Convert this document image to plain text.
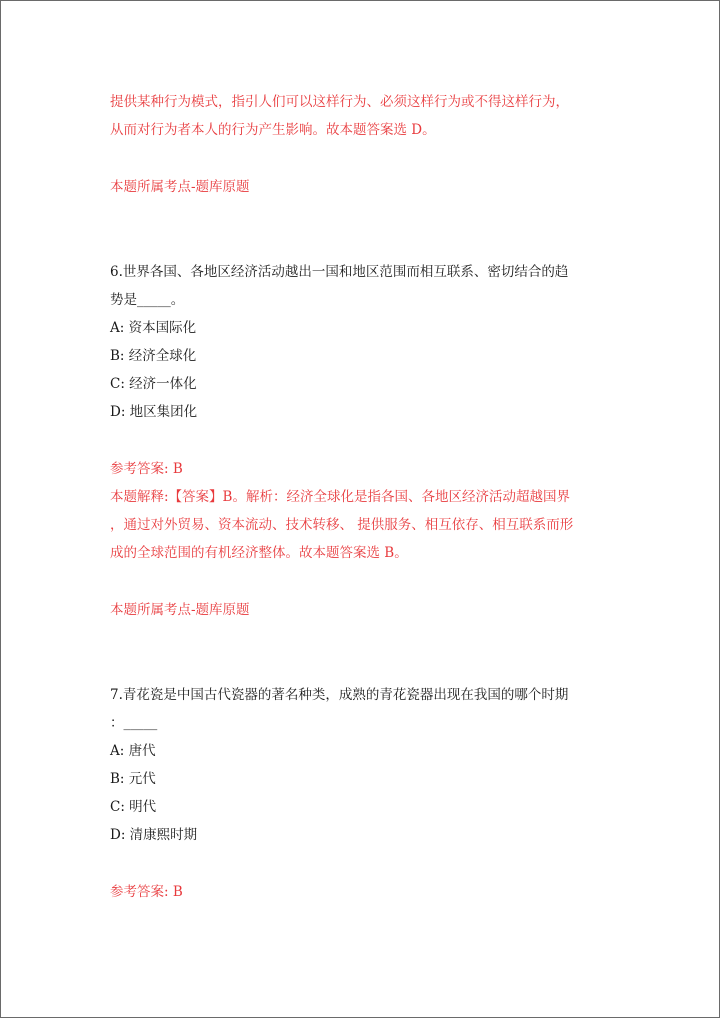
提供某种行为模式，指引人们可以这样行为、必须这样行为或不得这样行为，
从而对行为者本人的行为产生影响。故本题答案选 D。
本题所属考点-题库原题
6.世界各国、各地区经济活动越出一国和地区范围而相互联系、密切结合的趋
势是_____。
A: 资本国际化
B: 经济全球化
C: 经济一体化
D: 地区集团化
参考答案: B
本题解释:【答案】B。解析：经济全球化是指各国、各地区经济活动超越国界
，通过对外贸易、资本流动、技术转移、 提供服务、相互依存、相互联系而形
成的全球范围的有机经济整体。故本题答案选 B。
本题所属考点-题库原题
7.青花瓷是中国古代瓷器的著名种类，成熟的青花瓷器出现在我国的哪个时期
：_____
A: 唐代
B: 元代
C: 明代
D: 清康熙时期
参考答案: B
